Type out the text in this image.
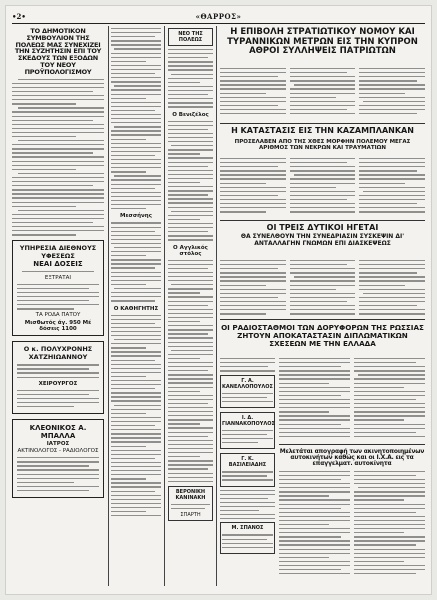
•2•	«ΘΑΡΡΟΣ»
ΤΟ ΔΗΜΟΤΙΚΟΝ ΣΥΜΒΟΥΛΙΟΝ ΤΗΣ ΠΟΛΕΩΣ ΜΑΣ ΣΥΝΕΧΙΖΕΙ ΤΗΝ ΣΥΖΗΤΗΣΙΝ ΕΠΙ ΤΟΥ ΣΚΕΔΟΥΣ ΤΩΝ ΕΞΟΔΩΝ ΤΟΥ ΝΕΟΥ ΠΡΟΫΠΟΛΟΓΙΣΜΟΥ
ΥΠΗΡΕΣΙΑ ΔΙΕΘΝΟΥΣ ΥΦΕΣΕΩΣ
ΝΕΑΙ ΔΟΣΕΙΣ
ΕΞΤΡΑΤΑΙ
ΤΑ ΡΟΔΑ ΠΑΤΟΥ
Μισθωτός άγ. 950 Μέ δόσεις 1100
Ο κ. ΠΟΛΥΧΡΟΝΗΣ ΧΑΤΖΗΙΩΑΝΝΟΥ
ΧΕΙΡΟΥΡΓΟΣ
ΚΛΕΟΝΙΚΟΣ Α. ΜΠΑΛΛΑ
ΙΑΤΡΟΣ
ΑΚΤΙΝΟΛΟΓΟΣ - ΡΑΔΙΟΛΟΓΟΣ
Μεσσήνης
Ο ΚΑΘΗΓΗΤΗΣ
ΝΕΟ ΤΗΣ ΠΟΛΕΩΣ
Ο Βενιζέλος
Ο Αγγλικός στόλος
ΒΕΡΟΝΙΚΗ ΚΑΝΙΝΑΚΗ
ΣΠΑΡΤΗ
Η ΕΠΙΒΟΛΗ ΣΤΡΑΤΙΩΤΙΚΟΥ ΝΟΜΟΥ ΚΑΙ ΤΥΡΑΝΝΙΚΩΝ ΜΕΤΡΩΝ ΕΙΣ ΤΗΝ ΚΥΠΡΟΝ ΑΘΡΟΙ ΣΥΛΛΗΨΕΙΣ ΠΑΤΡΙΩΤΩΝ
Η ΚΑΤΑΣΤΑΣΙΣ ΕΙΣ ΤΗΝ ΚΑΖΑΜΠΛΑΝΚΑΝ
ΠΡΟΣΕΛΑΒΕΝ ΑΠΟ ΤΗΣ ΧΘΕΣ ΜΟΡΦΗΝ ΠΟΛΕΜΟΥ ΜΕΓΑΣ ΑΡΙΘΜΟΣ ΤΩΝ ΝΕΚΡΩΝ ΚΑΙ ΤΡΑΥΜΑΤΙΩΝ
ΟΙ ΤΡΕΙΣ ΔΥΤΙΚΟΙ ΗΓΕΤΑΙ
ΘΑ ΣΥΝΕΛΘΟΥΝ ΤΗΝ ΣΥΝΕΔΡΙΑΣΙΝ ΣΥΣΚΕΨΙΝ ΔΙ' ΑΝΤΑΛΛΑΓΗΝ ΓΝΩΜΩΝ ΕΠΙ ΔΙΑΣΚΕΨΕΩΣ
ΟΙ ΡΑΔΙΟΣΤΑΘΜΟΙ ΤΩΝ ΔΟΡΥΦΟΡΩΝ ΤΗΣ ΡΩΣΣΙΑΣ ΖΗΤΟΥΝ ΑΠΟΚΑΤΑΣΤΑΣΙΝ ΔΙΠΛΩΜΑΤΙΚΩΝ ΣΧΕΣΕΩΝ ΜΕ ΤΗΝ ΕΛΛΑΔΑ
Γ. Α. ΚΑΝΕΛΛΟΠΟΥΛΟΣ
Ι. Δ. ΓΙΑΝΝΑΚΟΠΟΥΛΟΣ
Γ. Κ. ΒΑΣΙΛΕΙΑΔΗΣ
Μ. ΣΠΑΝΟΣ
Μελετάται απογραφή των ακινητοποιημένων αυτοκινήτων καθώς και οι Ι.Χ.Α. εις τα επαγγελματ. αυτοκίνητα
